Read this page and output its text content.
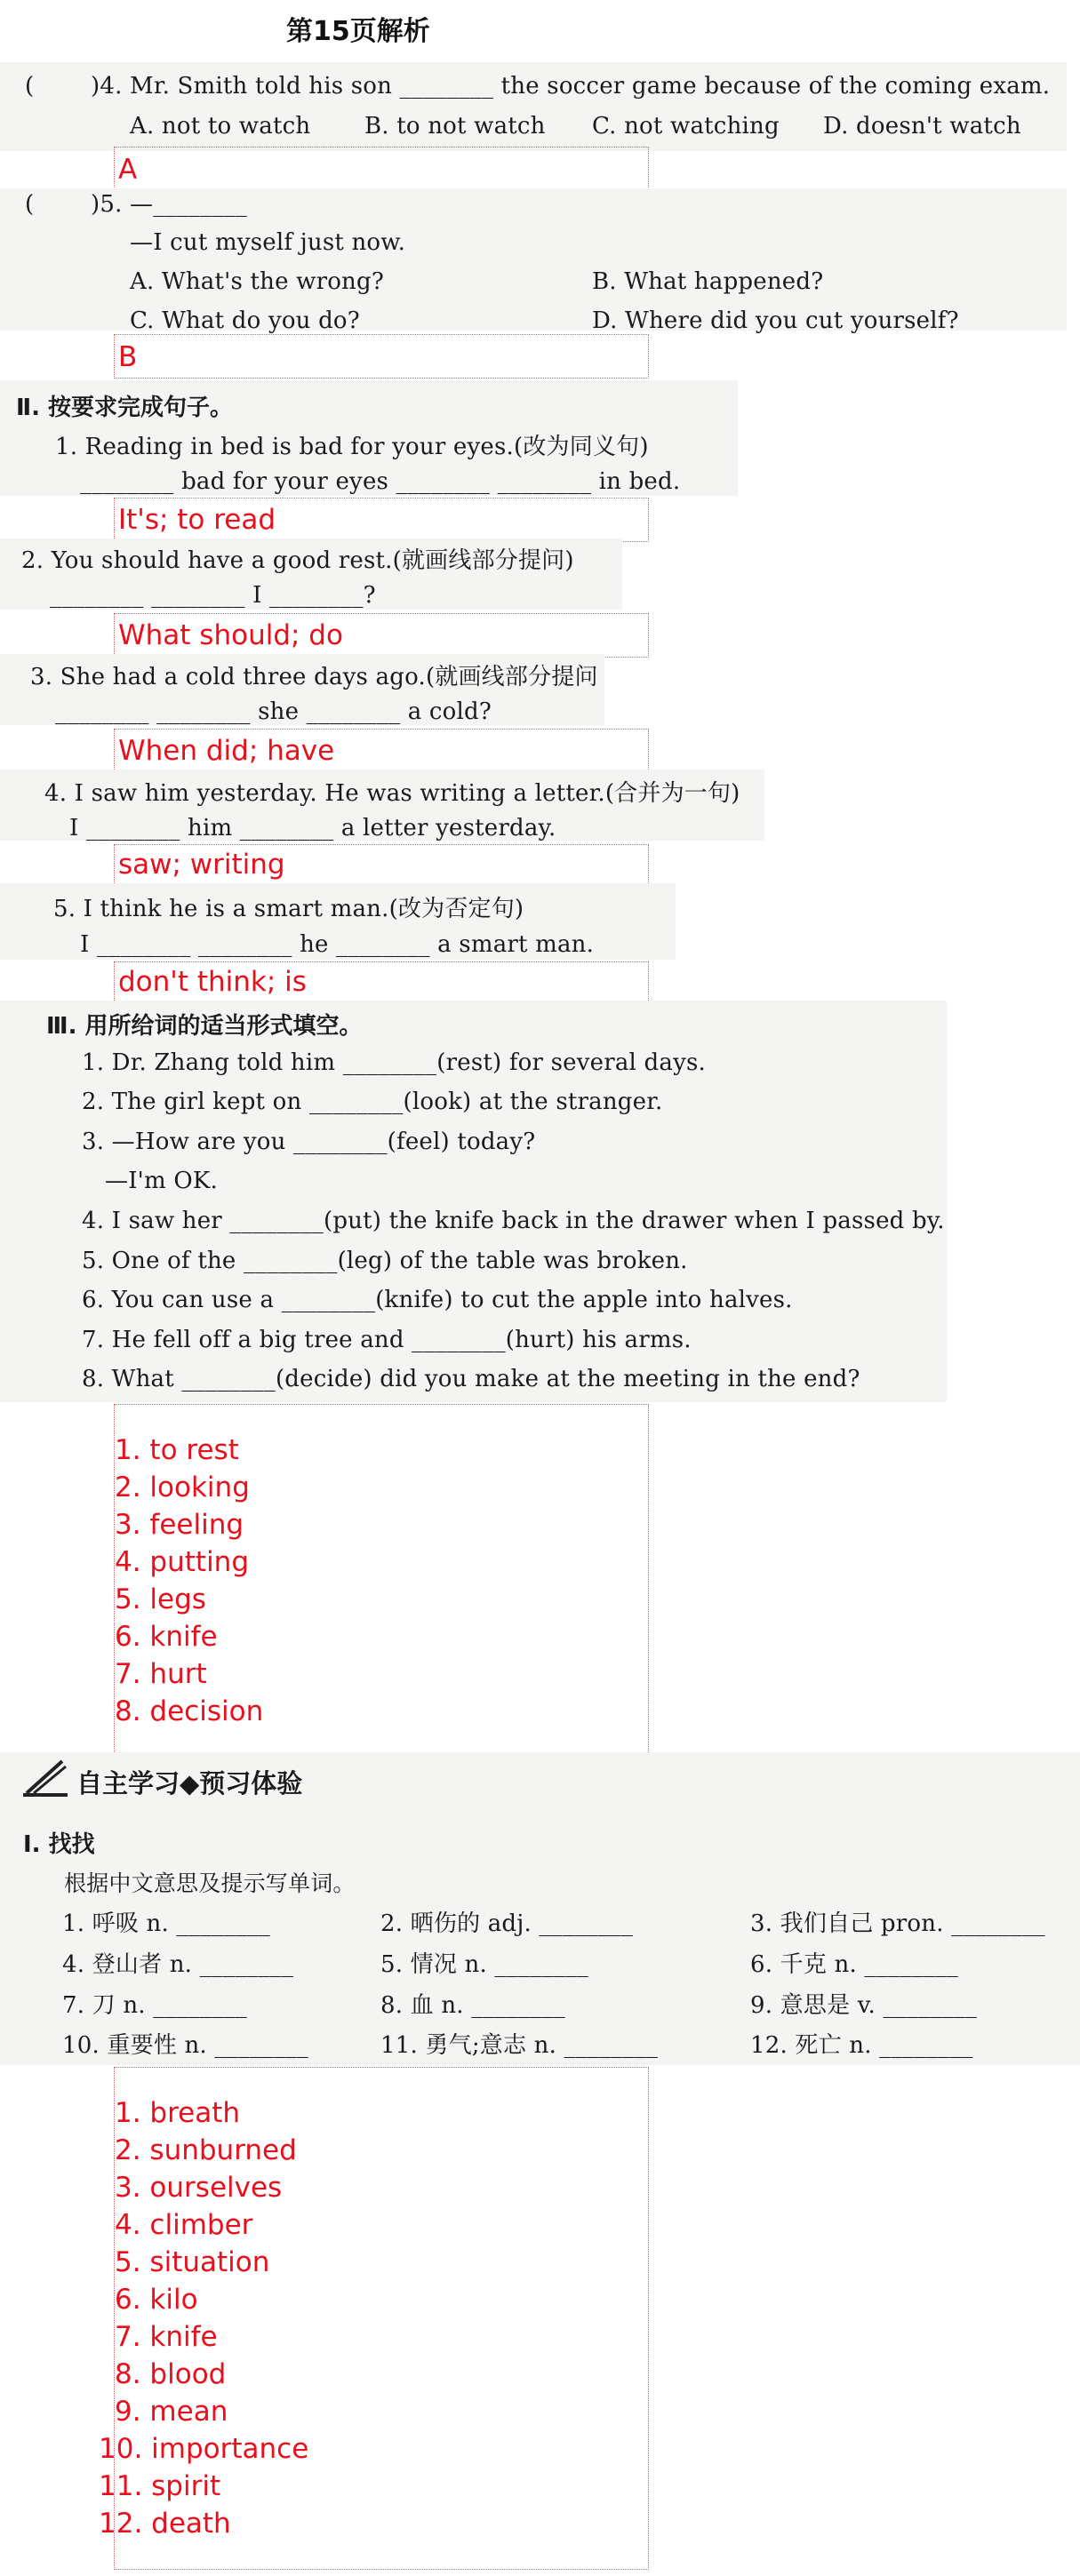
第15页解析
( )4. Mr. Smith told his son ________ the soccer game because of the coming exam.
A. not to watch B. to not watch C. not watching D. doesn't watch
A
( )5. —________
—I cut myself just now.
A. What's the wrong?	B. What happened?
C. What do you do?	D. Where did you cut yourself?
B
Ⅱ. 按要求完成句子。
1. Reading in bed is bad for your eyes.(改为同义句)
________ bad for your eyes ________ ________ in bed.
It's; to read
2. You should have a good rest.(就画线部分提问)
________ ________ I ________?
What should; do
3. She had a cold three days ago.(就画线部分提问
________ ________ she ________ a cold?
When did; have
4. I saw him yesterday. He was writing a letter.(合并为一句)
I ________ him ________ a letter yesterday.
saw; writing
5. I think he is a smart man.(改为否定句)
I ________ ________ he ________ a smart man.
don't think; is
Ⅲ. 用所给词的适当形式填空。
1. Dr. Zhang told him ________(rest) for several days.
2. The girl kept on ________(look) at the stranger.
3. —How are you ________(feel) today?
—I'm OK.
4. I saw her ________(put) the knife back in the drawer when I passed by.
5. One of the ________(leg) of the table was broken.
6. You can use a ________(knife) to cut the apple into halves.
7. He fell off a big tree and ________(hurt) his arms.
8. What ________(decide) did you make at the meeting in the end?
1. to rest
2. looking
3. feeling
4. putting
5. legs
6. knife
7. hurt
8. decision
自主学习◆预习体验
Ⅰ. 找找
根据中文意思及提示写单词。
1. 呼吸 n. ________	2. 晒伤的 adj. ________	3. 我们自己 pron. ________
4. 登山者 n. ________	5. 情况 n. ________	6. 千克 n. ________
7. 刀 n. ________	8. 血 n. ________	9. 意思是 v. ________
10. 重要性 n. ________	11. 勇气;意志 n. ________	12. 死亡 n. ________
1. breath
2. sunburned
3. ourselves
4. climber
5. situation
6. kilo
7. knife
8. blood
9. mean
10. importance
11. spirit
12. death
